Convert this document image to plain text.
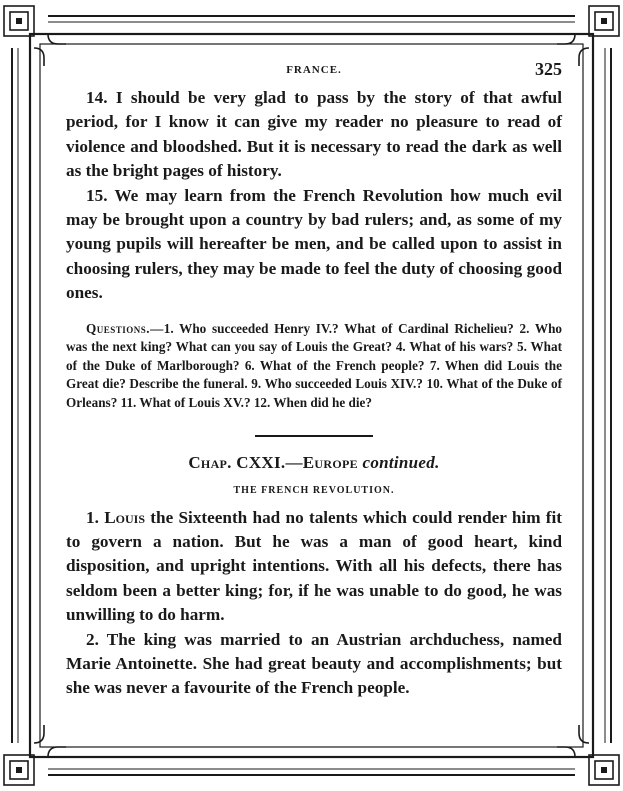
FRANCE.	325

14. I should be very glad to pass by the story of that awful period, for I know it can give my reader no pleasure to read of violence and bloodshed. But it is necessary to read the dark as well as the bright pages of history.

15. We may learn from the French Revolution how much evil may be brought upon a country by bad rulers; and, as some of my young pupils will hereafter be men, and be called upon to assist in choosing rulers, they may be made to feel the duty of choosing good ones.

Questions.—1. Who succeeded Henry IV.? What of Cardinal Richelieu? 2. Who was the next king? What can you say of Louis the Great? 4. What of his wars? 5. What of the Duke of Marlborough? 6. What of the French people? 7. When did Louis the Great die? Describe the funeral. 9. Who succeeded Louis XIV.? 10. What of the Duke of Orleans? 11. What of Louis XV.? 12. When did he die?

Chap. CXXI.—Europe continued.
THE FRENCH REVOLUTION.

1. Louis the Sixteenth had no talents which could render him fit to govern a nation. But he was a man of good heart, kind disposition, and upright intentions. With all his defects, there has seldom been a better king; for, if he was unable to do good, he was unwilling to do harm.

2. The king was married to an Austrian archduchess, named Marie Antoinette. She had great beauty and accomplishments; but she was never a favourite of the French people.
